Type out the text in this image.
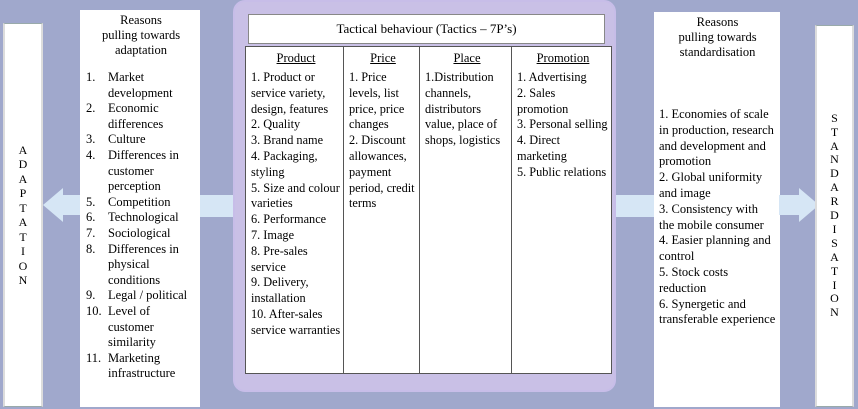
A
D
A
P
T
A
T
I
O
N
Reasons
pulling towards
adaptation
1.	Market development
2.	Economic differences
3.	Culture
4.	Differences in customer perception
5.	Competition
6.	Technological
7.	Sociological
8.	Differences in physical conditions
9.	Legal / political
10. Level of customer similarity
11. Marketing infrastructure
Tactical behaviour (Tactics – 7P’s)
Product
1. Product or service variety, design, features
2. Quality
3. Brand name
4. Packaging, styling
5. Size and colour varieties
6. Performance
7. Image
8. Pre-sales service
9. Delivery, installation
10. After-sales service warranties
Price
1. Price levels, list price, price changes
2. Discount allowances, payment period, credit terms
Place
1.Distribution channels, distributors value, place of shops, logistics
Promotion
1. Advertising
2. Sales promotion
3. Personal selling
4. Direct marketing
5. Public relations
Reasons
pulling towards
standardisation
1. Economies of scale in production, research and development and promotion
2. Global uniformity and image
3. Consistency with the mobile consumer
4. Easier planning and control
5. Stock costs reduction
6. Synergetic and transferable experience
S
T
A
N
D
A
R
D
I
S
A
T
I
O
N
